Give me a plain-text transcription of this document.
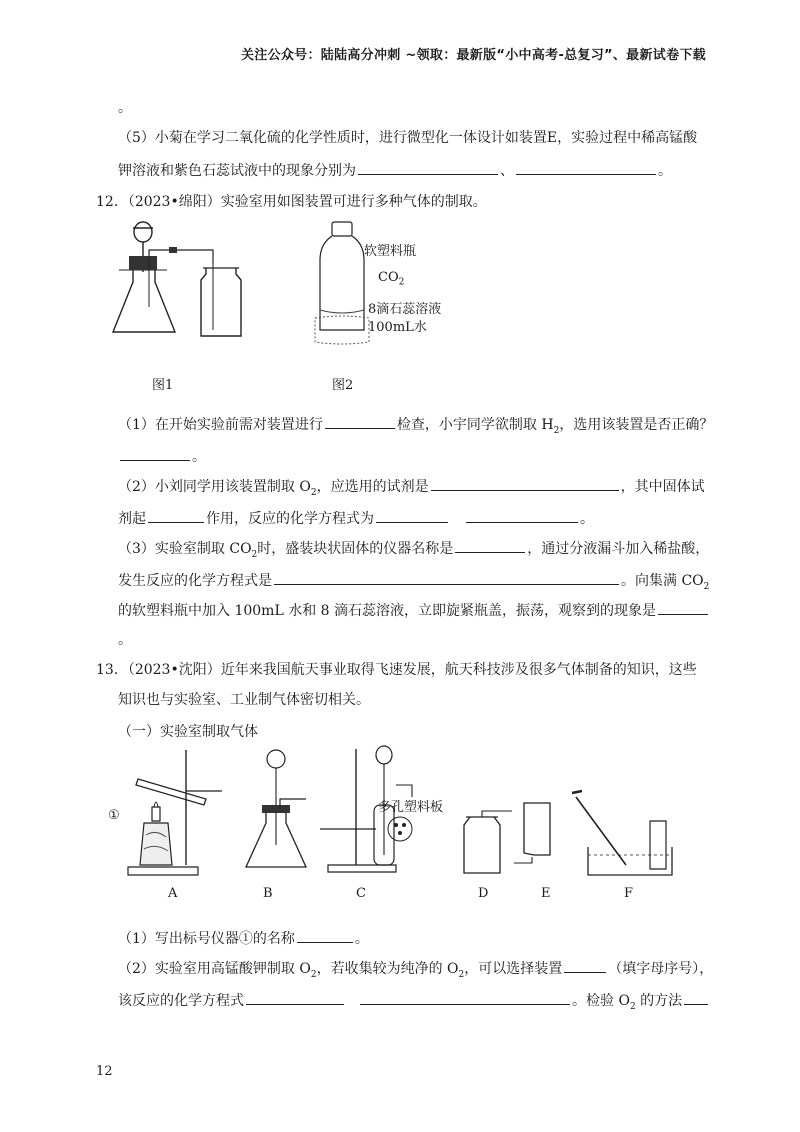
关注公众号：陆陆高分冲刺 ~领取：最新版“小中高考-总复习”、最新试卷下载
。
（5）小菊在学习二氧化硫的化学性质时，进行微型化一体设计如装置E，实验过程中稀高锰酸
钾溶液和紫色石蕊试液中的现象分别为	、	。
12．（2023•绵阳）实验室用如图装置可进行多种气体的制取。
图1
软塑料瓶
$CO_2$
8滴石蕊溶液
100mL水
图2
（1）在开始实验前需对装置进行	检查，小宇同学欲制取 $H_2$，选用该装置是否正确？
。
（2）小刘同学用该装置制取 $O_2$，应选用的试剂是	，其中固体试
剂起	作用，反应的化学方程式为	。
（3）实验室制取 $CO_2$时，盛装块状固体的仪器名称是	，通过分液漏斗加入稀盐酸，
发生反应的化学方程式是	。向集满 $CO_2$
的软塑料瓶中加入 100mL 水和 8 滴石蕊溶液，立即旋紧瓶盖，振荡，观察到的现象是
。
13．（2023•沈阳）近年来我国航天事业取得飞速发展，航天科技涉及很多气体制备的知识，这些
知识也与实验室、工业制气体密切相关。
（一）实验室制取气体
①
多孔塑料板
A	B	C	D	E	F
（1）写出标号仪器①的名称	。
（2）实验室用高锰酸钾制取 $O_2$，若收集较为纯净的 $O_2$，可以选择装置	（填字母序号），
该反应的化学方程式	。检验 $O_2$ 的方法
12
